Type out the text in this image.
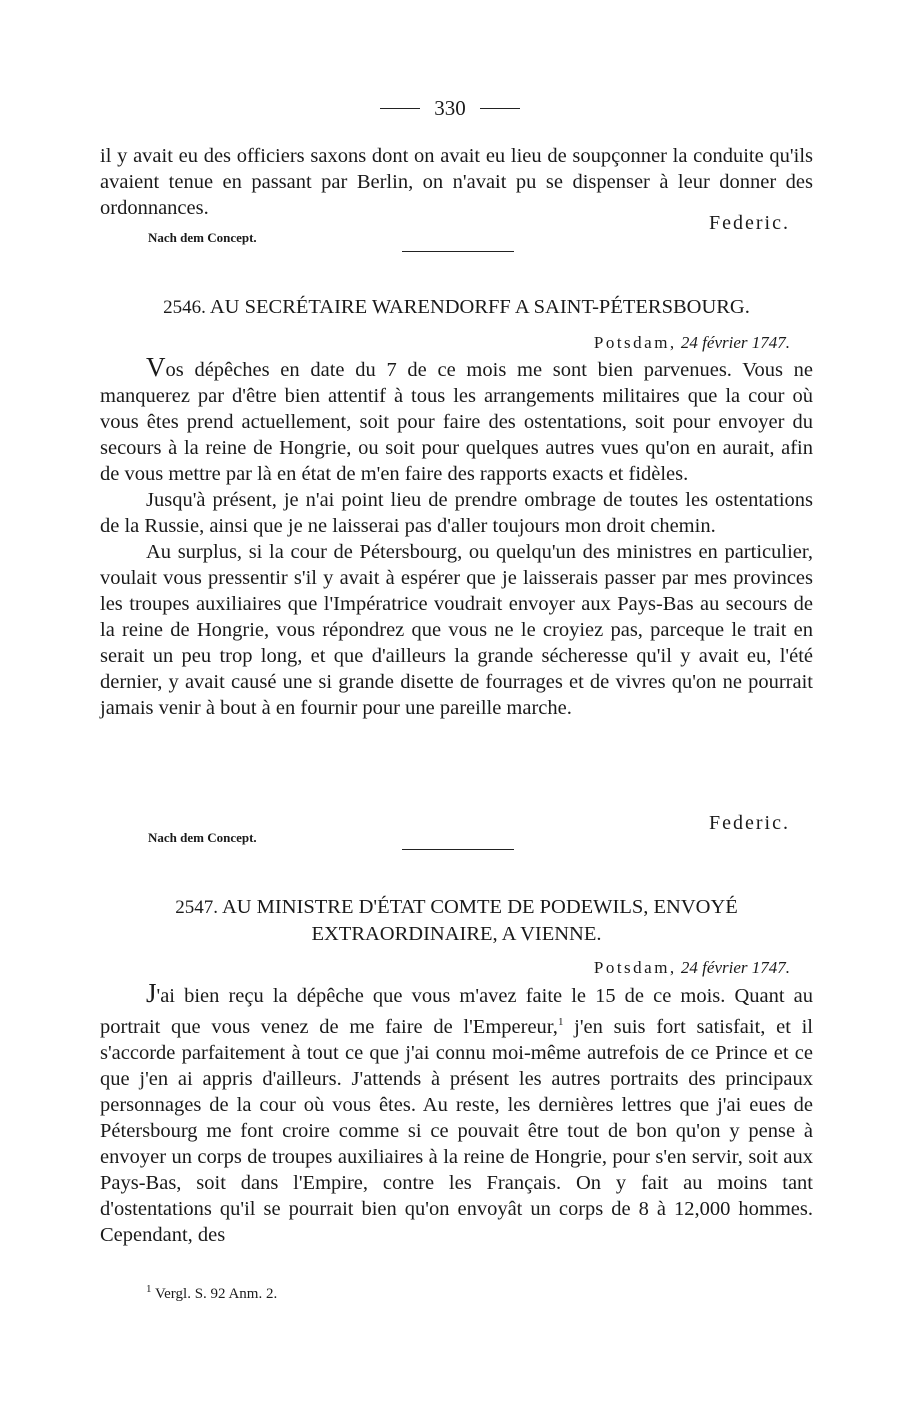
330

il y avait eu des officiers saxons dont on avait eu lieu de soupçonner la conduite qu'ils avaient tenue en passant par Berlin, on n'avait pu se dispenser à leur donner des ordonnances.

Federic.
Nach dem Concept.
2546. AU SECRÉTAIRE WARENDORFF A SAINT-PÉTERSBOURG.
Potsdam, 24 février 1747.

Vos dépêches en date du 7 de ce mois me sont bien parvenues. Vous ne manquerez par d'être bien attentif à tous les arrangements militaires que la cour où vous êtes prend actuellement, soit pour faire des ostentations, soit pour envoyer du secours à la reine de Hongrie, ou soit pour quelques autres vues qu'on en aurait, afin de vous mettre par là en état de m'en faire des rapports exacts et fidèles.

Jusqu'à présent, je n'ai point lieu de prendre ombrage de toutes les ostentations de la Russie, ainsi que je ne laisserai pas d'aller toujours mon droit chemin.

Au surplus, si la cour de Pétersbourg, ou quelqu'un des ministres en particulier, voulait vous pressentir s'il y avait à espérer que je laisserais passer par mes provinces les troupes auxiliaires que l'Impératrice voudrait envoyer aux Pays-Bas au secours de la reine de Hongrie, vous répondrez que vous ne le croyiez pas, parceque le trait en serait un peu trop long, et que d'ailleurs la grande sécheresse qu'il y avait eu, l'été dernier, y avait causé une si grande disette de fourrages et de vivres qu'on ne pourrait jamais venir à bout à en fournir pour une pareille marche.

Federic.
Nach dem Concept.
2547. AU MINISTRE D'ÉTAT COMTE DE PODEWILS, ENVOYÉ
EXTRAORDINAIRE, A VIENNE.
Potsdam, 24 février 1747.

J'ai bien reçu la dépêche que vous m'avez faite le 15 de ce mois. Quant au portrait que vous venez de me faire de l'Empereur,$^1$ j'en suis fort satisfait, et il s'accorde parfaitement à tout ce que j'ai connu moi-même autrefois de ce Prince et ce que j'en ai appris d'ailleurs. J'attends à présent les autres portraits des principaux personnages de la cour où vous êtes. Au reste, les dernières lettres que j'ai eues de Pétersbourg me font croire comme si ce pouvait être tout de bon qu'on y pense à envoyer un corps de troupes auxiliaires à la reine de Hongrie, pour s'en servir, soit aux Pays-Bas, soit dans l'Empire, contre les Français. On y fait au moins tant d'ostentations qu'il se pourrait bien qu'on envoyât un corps de 8 à 12,000 hommes. Cependant, des

$^1$ Vergl. S. 92 Anm. 2.
